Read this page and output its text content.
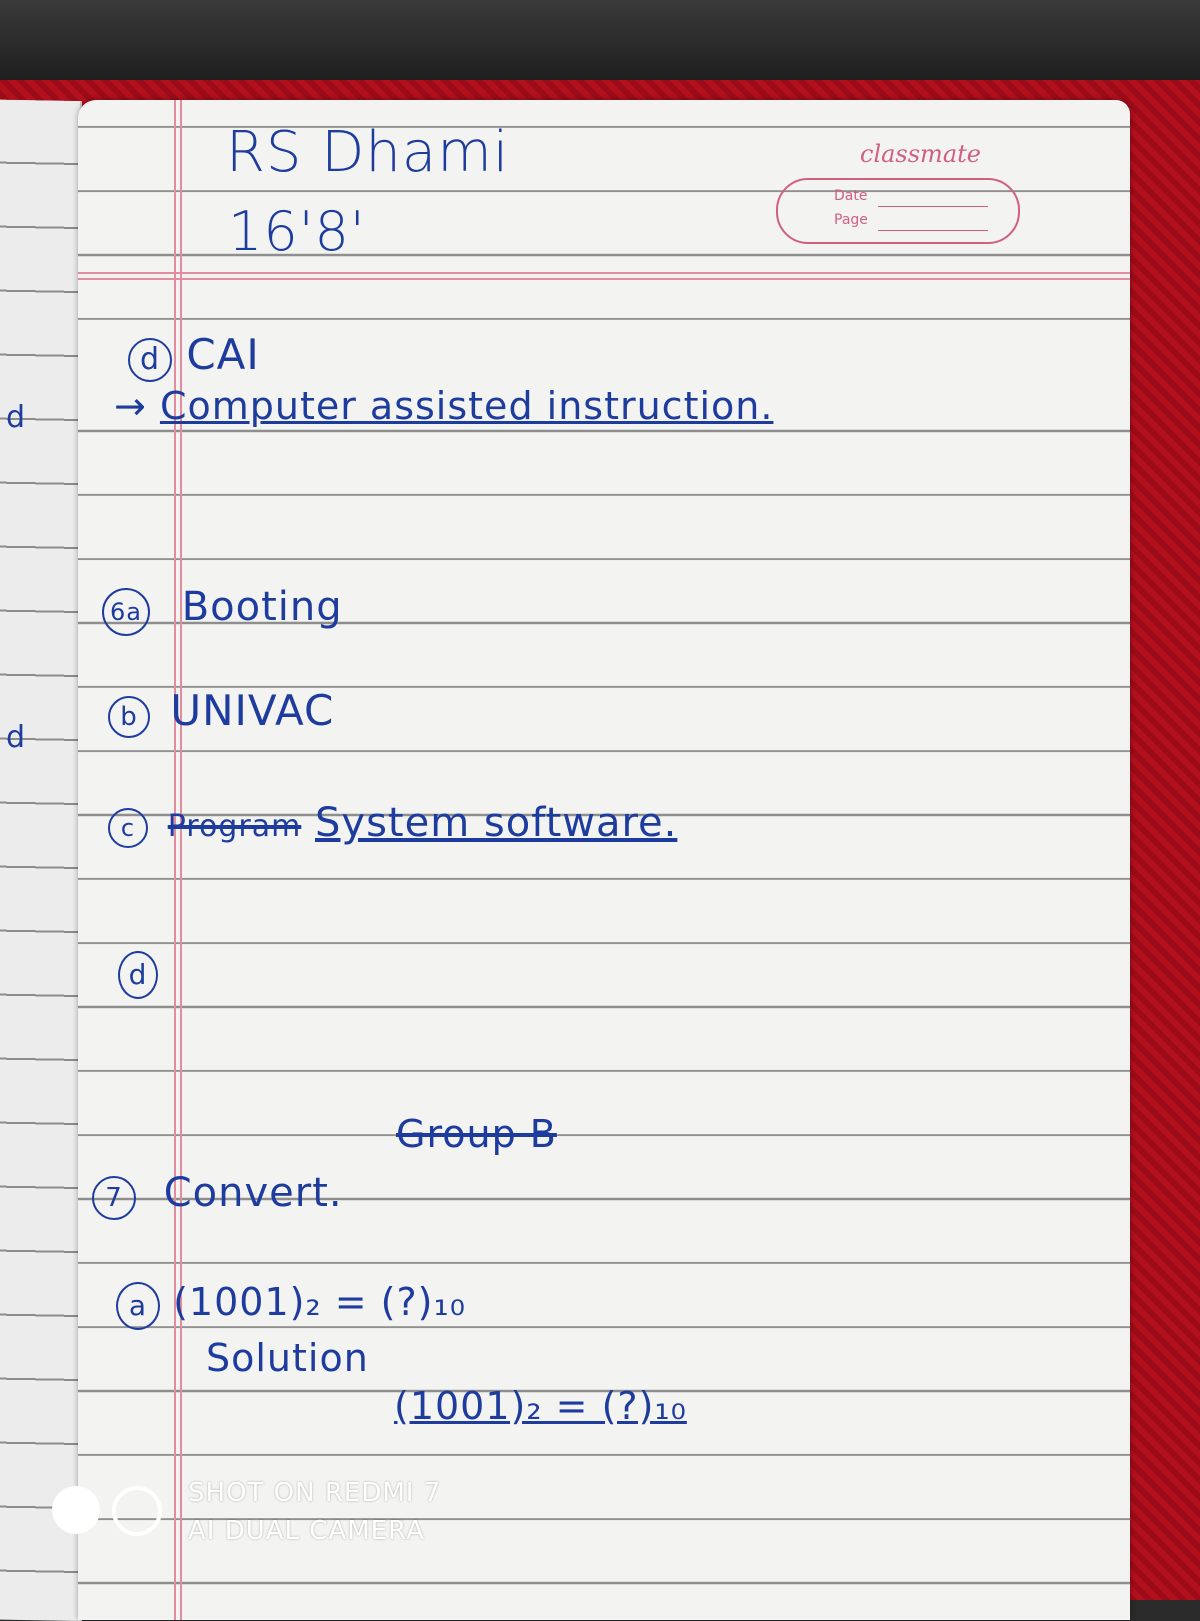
RS Dhami
16'8'
classmate
Date
Page
d CAI
→ Computer assisted instruction.
6a Booting
b UNIVAC
c Program System software.
d
Group B
7 Convert.
a (1001)₂ = (?)₁₀
Solution
(1001)₂ = (?)₁₀
d
d
SHOT ON REDMI 7
AI DUAL CAMERA
